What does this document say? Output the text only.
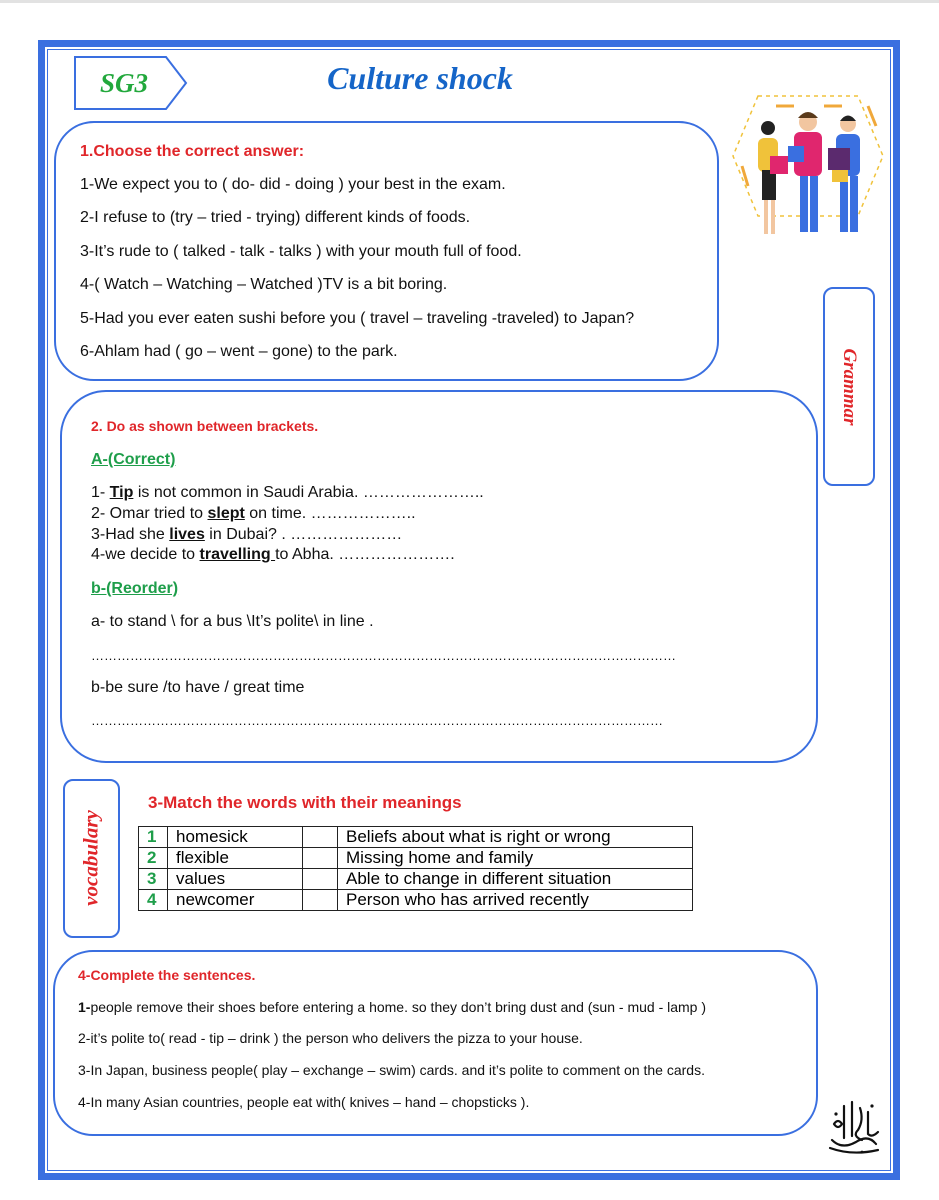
SG3	Culture shock
1.Choose the correct answer:
1-We expect you to ( do- did - doing ) your best in the exam.
2-I refuse to (try – tried - trying) different kinds of foods.
3-It’s rude to ( talked - talk - talks ) with your mouth full of food.
4-( Watch – Watching – Watched )TV is a bit boring.
5-Had you ever eaten sushi before you ( travel – traveling -traveled) to Japan?
6-Ahlam had ( go – went – gone) to the park.	Grammar
2. Do as shown between brackets.
A-(Correct)
1- Tip is not common in Saudi Arabia. …………………..
2- Omar tried to slept on time. ………………..
3-Had she lives in Dubai? . …………………
4-we decide to travelling to Abha. ………………….
b-(Reorder)
a- to stand \ for a bus \It’s polite\ in line .
………………………………………………………………………………………………………………………
b-be sure /to have / great time
……………………………………………………………………………………………………………………
vocabulary
3-Match the words with their meanings
1	homesick		Beliefs about what is right or wrong
2	flexible		Missing home and family
3	values		Able to change in different situation
4	newcomer		Person who has arrived recently
4-Complete the sentences.
1-people remove their shoes before entering a home. so they don’t bring dust and (sun - mud - lamp )
2-it’s polite to( read - tip – drink ) the person who delivers the pizza to your house.
3-In Japan, business people( play – exchange – swim) cards. and it’s polite to comment on the cards.
4-In many Asian countries, people eat with( knives – hand – chopsticks ).
